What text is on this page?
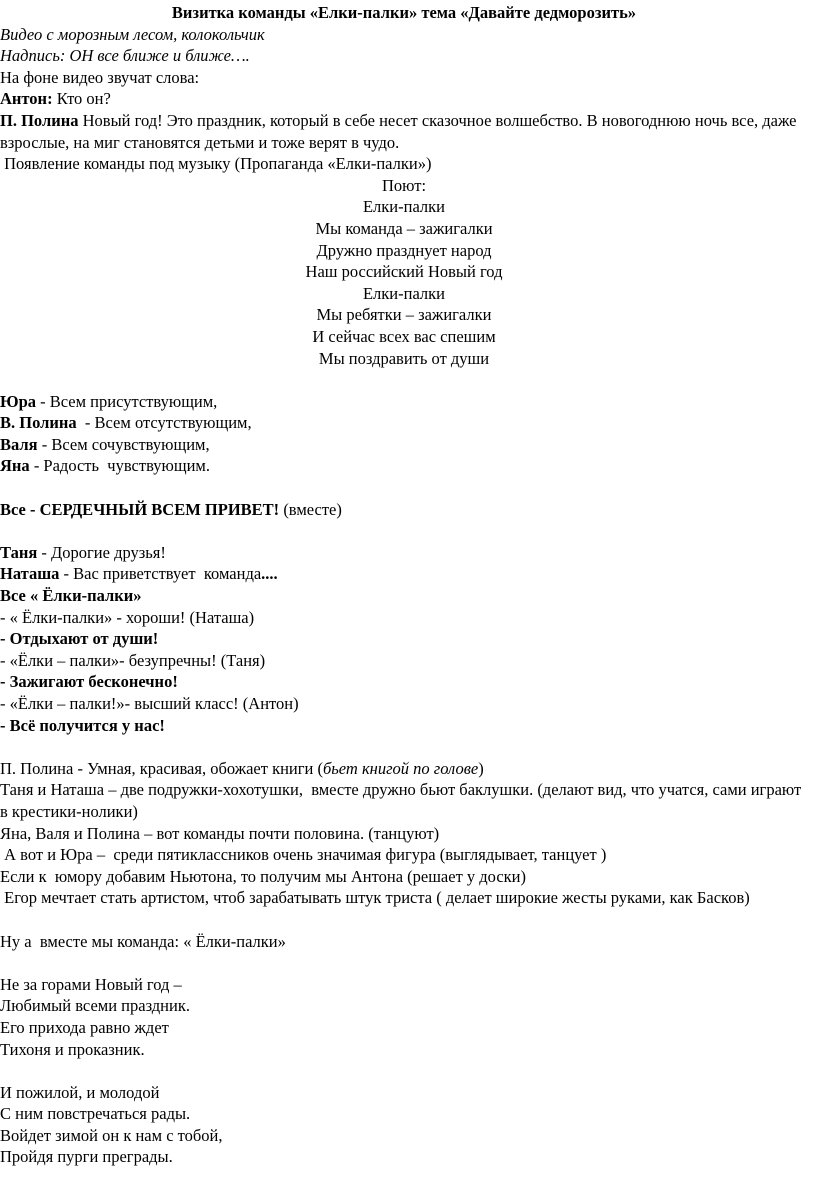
Визитка команды «Елки-палки» тема «Давайте дедморозить»

Видео с морозным лесом, колокольчик

Надпись: ОН все ближе и ближе….

На фоне видео звучат слова:

Антон: Кто он?

П. Полина Новый год! Это праздник, который в себе несет сказочное волшебство. В новогоднюю ночь все, даже взрослые, на миг становятся детьми и тоже верят в чудо.

Появление команды под музыку (Пропаганда «Елки-палки»)

Поют:

Елки-палки

Мы команда – зажигалки

Дружно празднует народ

Наш российский Новый год

Елки-палки

Мы ребятки – зажигалки

И сейчас всех вас спешим

Мы поздравить от души

Юра - Всем присутствующим,

В. Полина  - Всем отсутствующим,

Валя - Всем сочувствующим,

Яна - Радость  чувствующим.

Все - СЕРДЕЧНЫЙ ВСЕМ ПРИВЕТ! (вместе)

Таня - Дорогие друзья!

Наташа - Вас приветствует  команда....

Все « Ёлки-палки»

- « Ёлки-палки» - хороши! (Наташа)

- Отдыхают от души!

- «Ёлки – палки»- безупречны! (Таня)

- Зажигают бесконечно!

- «Ёлки – палки!»- высший класс! (Антон)

- Всё получится у нас!

П. Полина - Умная, красивая, обожает книги (бьет книгой по голове)

Таня и Наташа – две подружки-хохотушки,  вместе дружно бьют баклушки. (делают вид, что учатся, сами играют в крестики-нолики)

Яна, Валя и Полина – вот команды почти половина. (танцуют)

А вот и Юра –  среди пятиклассников очень значимая фигура (выглядывает, танцует )

Если к  юмору добавим Ньютона, то получим мы Антона (решает у доски)

Егор мечтает стать артистом, чтоб зарабатывать штук триста ( делает широкие жесты руками, как Басков)

Ну а  вместе мы команда: « Ёлки-палки»

Не за горами Новый год –

Любимый всеми праздник.

Его прихода равно ждет

Тихоня и проказник.

И пожилой, и молодой

С ним повстречаться рады.

Войдет зимой он к нам с тобой,

Пройдя пурги преграды.
